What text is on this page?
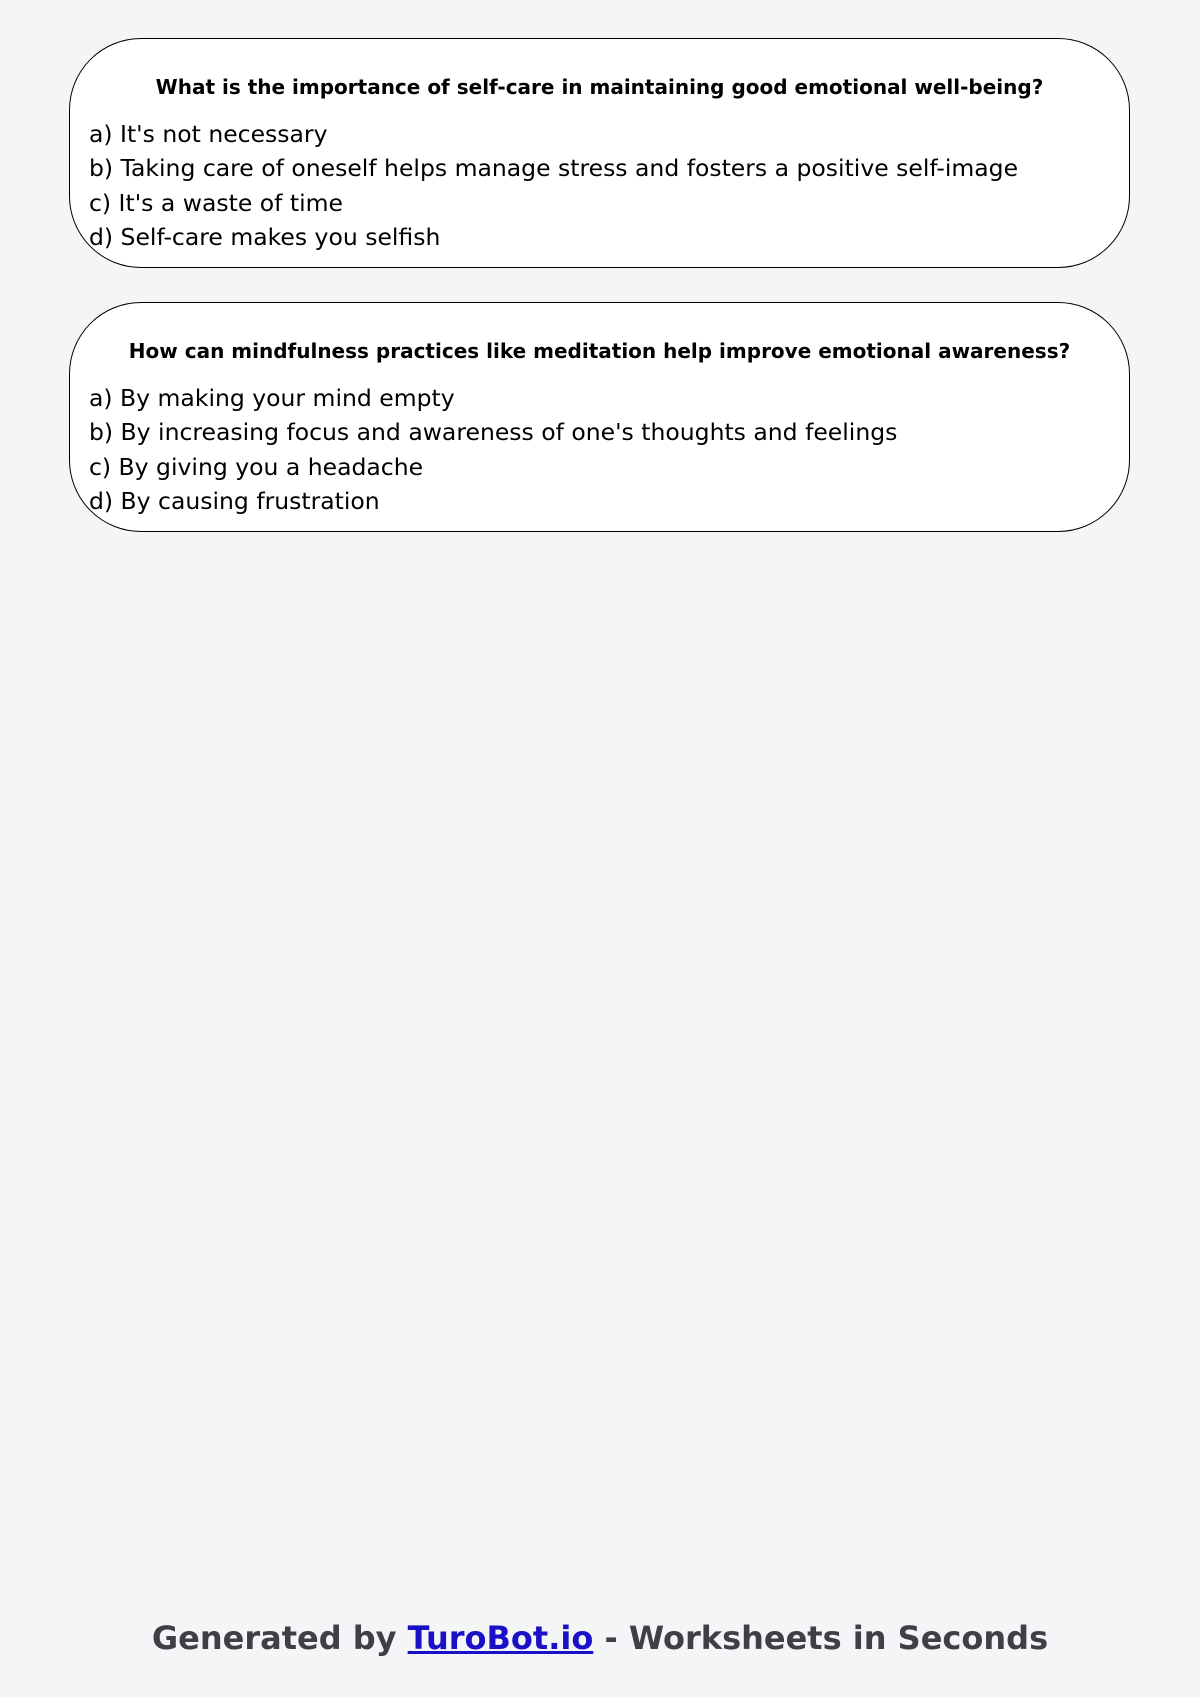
What is the importance of self-care in maintaining good emotional well-being?

a) It's not necessary
b) Taking care of oneself helps manage stress and fosters a positive self-image
c) It's a waste of time
d) Self-care makes you selfish

How can mindfulness practices like meditation help improve emotional awareness?

a) By making your mind empty
b) By increasing focus and awareness of one's thoughts and feelings
c) By giving you a headache
d) By causing frustration
Generated by TuroBot.io - Worksheets in Seconds
